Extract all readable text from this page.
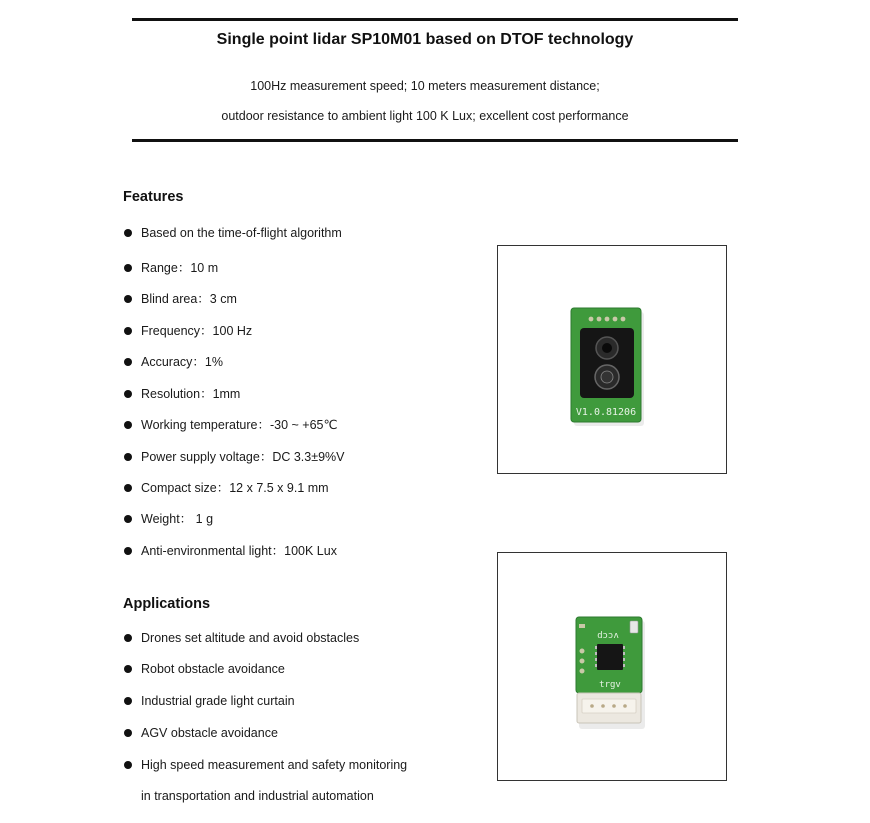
Single point lidar SP10M01 based on DTOF technology
100Hz measurement speed; 10 meters measurement distance;
outdoor resistance to ambient light 100 K Lux; excellent cost performance
Features
Based on the time-of-flight algorithm
Range：10 m
Blind area：3 cm
Frequency：100 Hz
Accuracy：1%
Resolution：1mm
Working temperature：-30 ~ +65℃
Power supply voltage：DC 3.3±9%V
Compact size：12 x 7.5 x 9.1 mm
Weight： 1 g
Anti-environmental light：100K Lux
Applications
Drones set altitude and avoid obstacles
Robot obstacle avoidance
Industrial grade light curtain
AGV obstacle avoidance
High speed measurement and safety monitoring
in transportation and industrial automation
V1.0.81206
vccp
trgv
